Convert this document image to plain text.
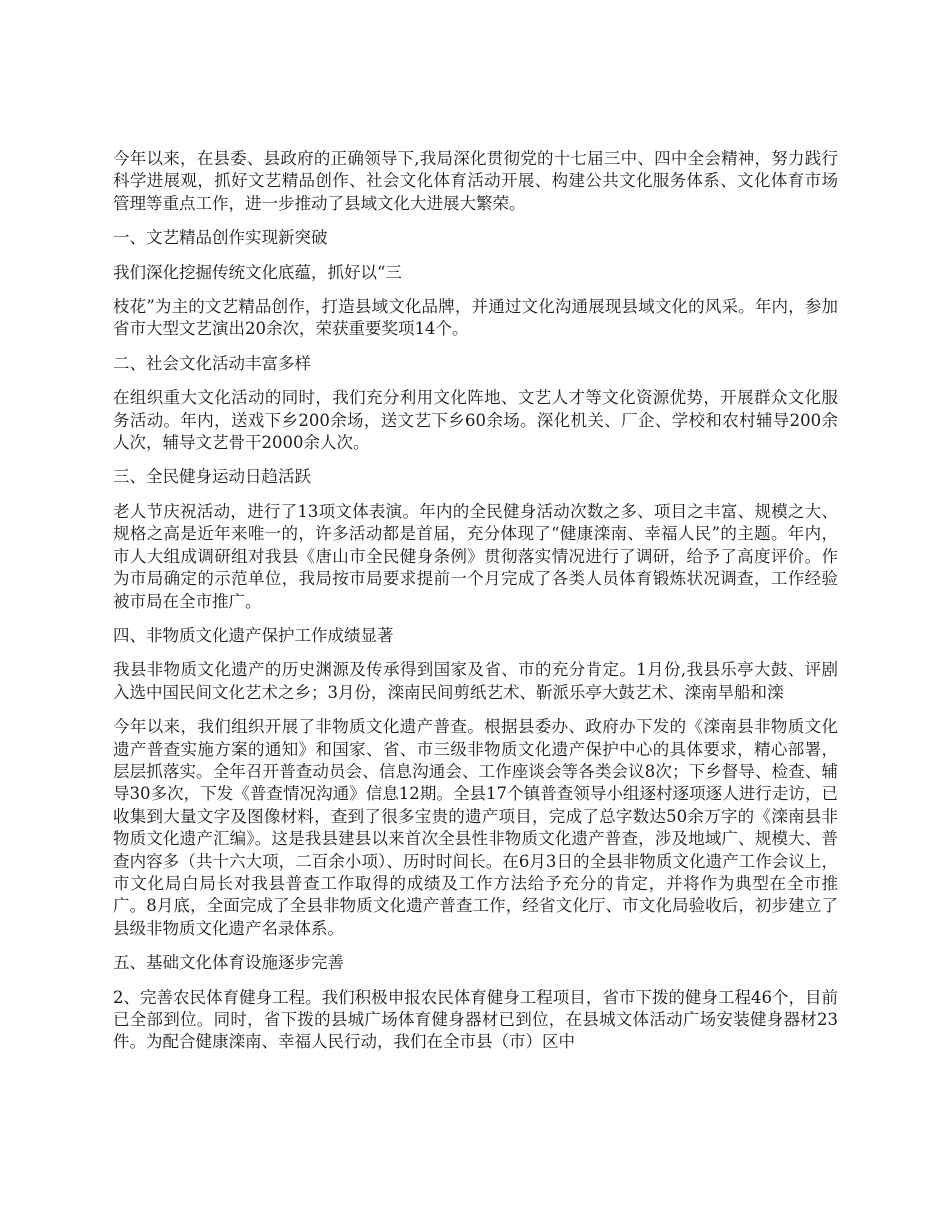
今年以来，在县委、县政府的正确领导下,我局深化贯彻党的十七届三中、四中全会精神，努力践行科学进展观，抓好文艺精品创作、社会文化体育活动开展、构建公共文化服务体系、文化体育市场管理等重点工作，进一步推动了县域文化大进展大繁荣。

一、文艺精品创作实现新突破

我们深化挖掘传统文化底蕴，抓好以“三

枝花”为主的文艺精品创作，打造县域文化品牌，并通过文化沟通展现县域文化的风采。年内，参加省市大型文艺演出20余次，荣获重要奖项14个。

二、社会文化活动丰富多样

在组织重大文化活动的同时，我们充分利用文化阵地、文艺人才等文化资源优势，开展群众文化服务活动。年内，送戏下乡200余场，送文艺下乡60余场。深化机关、厂企、学校和农村辅导200余人次，辅导文艺骨干2000余人次。

三、全民健身运动日趋活跃

老人节庆祝活动，进行了13项文体表演。年内的全民健身活动次数之多、项目之丰富、规模之大、规格之高是近年来唯一的，许多活动都是首届，充分体现了“健康滦南、幸福人民”的主题。年内，市人大组成调研组对我县《唐山市全民健身条例》贯彻落实情况进行了调研，给予了高度评价。作为市局确定的示范单位，我局按市局要求提前一个月完成了各类人员体育锻炼状况调查，工作经验被市局在全市推广。

四、非物质文化遗产保护工作成绩显著

我县非物质文化遗产的历史渊源及传承得到国家及省、市的充分肯定。1月份,我县乐亭大鼓、评剧入选中国民间文化艺术之乡；3月份，滦南民间剪纸艺术、靳派乐亭大鼓艺术、滦南旱船和滦

今年以来，我们组织开展了非物质文化遗产普查。根据县委办、政府办下发的《滦南县非物质文化遗产普查实施方案的通知》和国家、省、市三级非物质文化遗产保护中心的具体要求，精心部署，层层抓落实。全年召开普查动员会、信息沟通会、工作座谈会等各类会议8次；下乡督导、检查、辅导30多次，下发《普查情况沟通》信息12期。全县17个镇普查领导小组逐村逐项逐人进行走访，已收集到大量文字及图像材料，查到了很多宝贵的遗产项目，完成了总字数达50余万字的《滦南县非物质文化遗产汇编》。这是我县建县以来首次全县性非物质文化遗产普查，涉及地域广、规模大、普查内容多（共十六大项，二百余小项）、历时时间长。在6月3日的全县非物质文化遗产工作会议上，市文化局白局长对我县普查工作取得的成绩及工作方法给予充分的肯定，并将作为典型在全市推广。8月底，全面完成了全县非物质文化遗产普查工作，经省文化厅、市文化局验收后，初步建立了县级非物质文化遗产名录体系。

五、基础文化体育设施逐步完善

2、完善农民体育健身工程。我们积极申报农民体育健身工程项目，省市下拨的健身工程46个，目前已全部到位。同时，省下拨的县城广场体育健身器材已到位，在县城文体活动广场安装健身器材23件。为配合健康滦南、幸福人民行动，我们在全市县（市）区中
